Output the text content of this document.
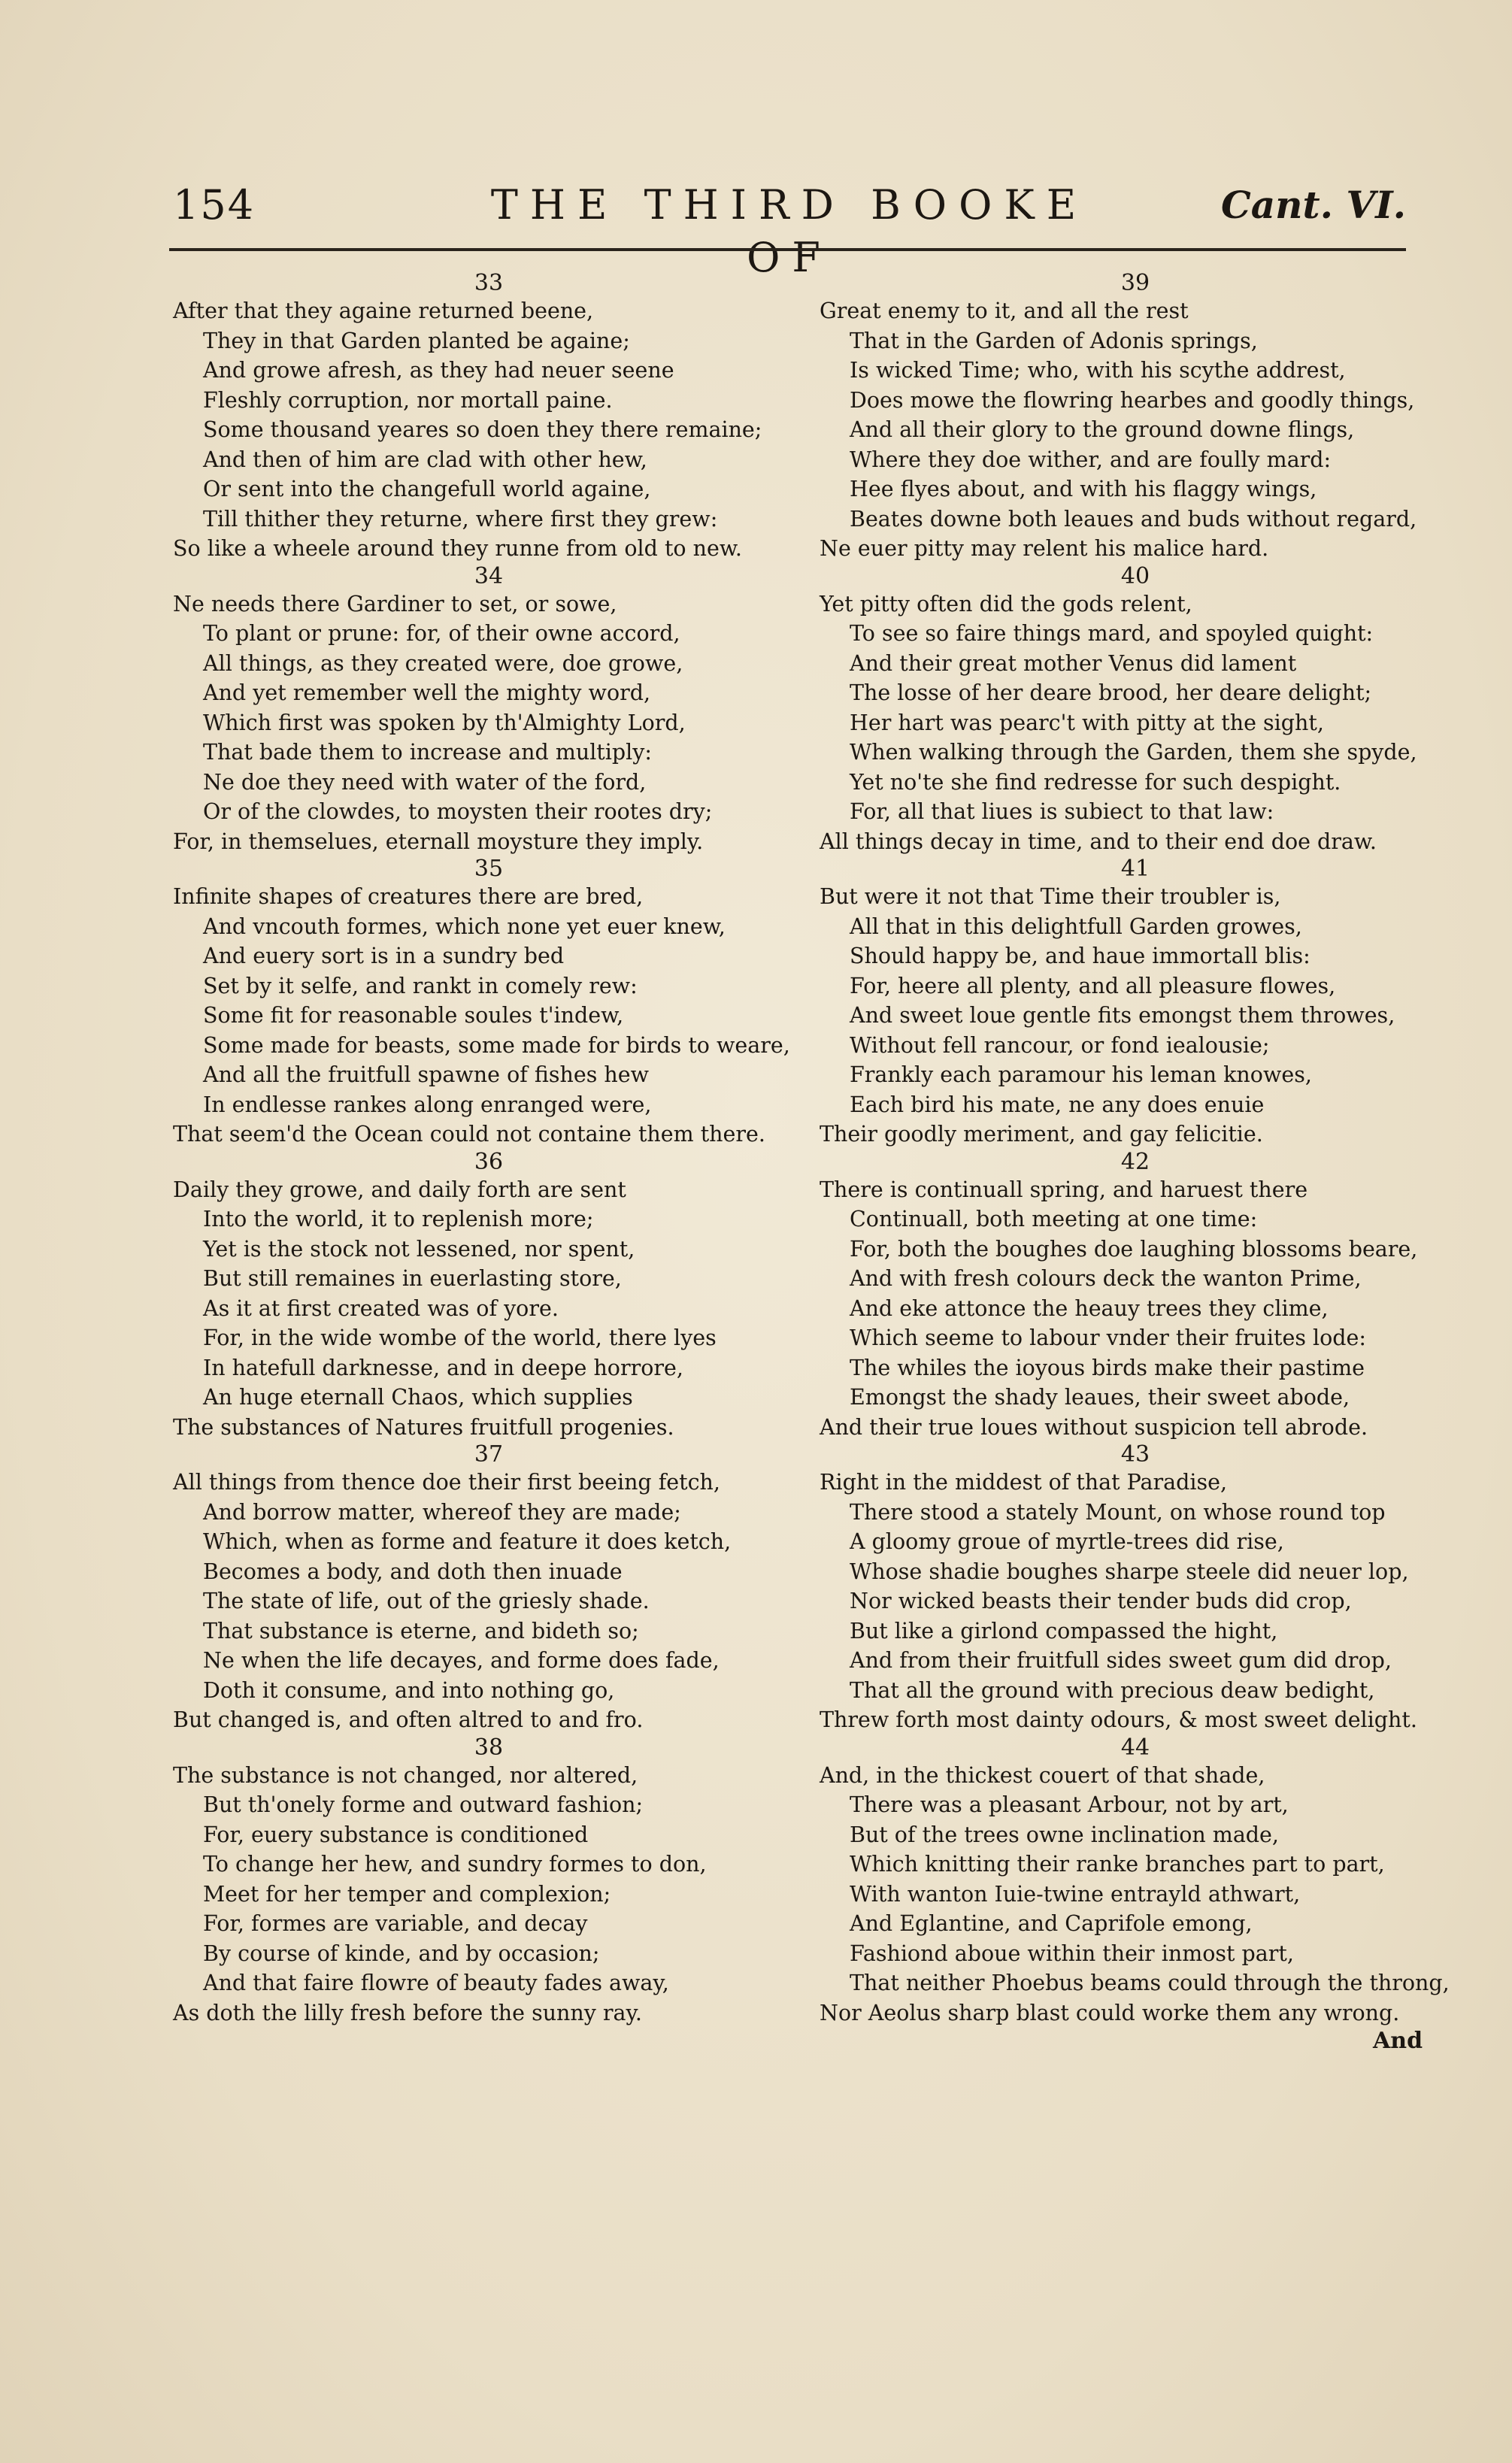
154	THE THIRD BOOKE OF
Cant. VI.
33
After that they againe returned beene,
They in that Garden planted be againe;
And growe afresh, as they had neuer seene
Fleshly corruption, nor mortall paine.
Some thousand yeares so doen they there remaine;
And then of him are clad with other hew,
Or sent into the changefull world againe,
Till thither they returne, where first they grew:
So like a wheele around they runne from old to new.
34
Ne needs there Gardiner to set, or sowe,
To plant or prune: for, of their owne accord,
All things, as they created were, doe growe,
And yet remember well the mighty word,
Which first was spoken by th'Almighty Lord,
That bade them to increase and multiply:
Ne doe they need with water of the ford,
Or of the clowdes, to moysten their rootes dry;
For, in themselues, eternall moysture they imply.
35
Infinite shapes of creatures there are bred,
And vncouth formes, which none yet euer knew,
And euery sort is in a sundry bed
Set by it selfe, and rankt in comely rew:
Some fit for reasonable soules t'indew,
Some made for beasts, some made for birds to weare,
And all the fruitfull spawne of fishes hew
In endlesse rankes along enranged were,
That seem'd the Ocean could not containe them there.
36
Daily they growe, and daily forth are sent
Into the world, it to replenish more;
Yet is the stock not lessened, nor spent,
But still remaines in euerlasting store,
As it at first created was of yore.
For, in the wide wombe of the world, there lyes
In hatefull darknesse, and in deepe horrore,
An huge eternall Chaos, which supplies
The substances of Natures fruitfull progenies.
37
All things from thence doe their first beeing fetch,
And borrow matter, whereof they are made;
Which, when as forme and feature it does ketch,
Becomes a body, and doth then inuade
The state of life, out of the griesly shade.
That substance is eterne, and bideth so;
Ne when the life decayes, and forme does fade,
Doth it consume, and into nothing go,
But changed is, and often altred to and fro.
38
The substance is not changed, nor altered,
But th'onely forme and outward fashion;
For, euery substance is conditioned
To change her hew, and sundry formes to don,
Meet for her temper and complexion;
For, formes are variable, and decay
By course of kinde, and by occasion;
And that faire flowre of beauty fades away,
As doth the lilly fresh before the sunny ray.
39
Great enemy to it, and all the rest
That in the Garden of Adonis springs,
Is wicked Time; who, with his scythe addrest,
Does mowe the flowring hearbes and goodly things,
And all their glory to the ground downe flings,
Where they doe wither, and are foully mard:
Hee flyes about, and with his flaggy wings,
Beates downe both leaues and buds without regard,
Ne euer pitty may relent his malice hard.
40
Yet pitty often did the gods relent,
To see so faire things mard, and spoyled quight:
And their great mother Venus did lament
The losse of her deare brood, her deare delight;
Her hart was pearc't with pitty at the sight,
When walking through the Garden, them she spyde,
Yet no'te she find redresse for such despight.
For, all that liues is subiect to that law:
All things decay in time, and to their end doe draw.
41
But were it not that Time their troubler is,
All that in this delightfull Garden growes,
Should happy be, and haue immortall blis:
For, heere all plenty, and all pleasure flowes,
And sweet loue gentle fits emongst them throwes,
Without fell rancour, or fond iealousie;
Frankly each paramour his leman knowes,
Each bird his mate, ne any does enuie
Their goodly meriment, and gay felicitie.
42
There is continuall spring, and haruest there
Continuall, both meeting at one time:
For, both the boughes doe laughing blossoms beare,
And with fresh colours deck the wanton Prime,
And eke attonce the heauy trees they clime,
Which seeme to labour vnder their fruites lode:
The whiles the ioyous birds make their pastime
Emongst the shady leaues, their sweet abode,
And their true loues without suspicion tell abrode.
43
Right in the middest of that Paradise,
There stood a stately Mount, on whose round top
A gloomy groue of myrtle-trees did rise,
Whose shadie boughes sharpe steele did neuer lop,
Nor wicked beasts their tender buds did crop,
But like a girlond compassed the hight,
And from their fruitfull sides sweet gum did drop,
That all the ground with precious deaw bedight,
Threw forth most dainty odours, & most sweet delight.
44
And, in the thickest couert of that shade,
There was a pleasant Arbour, not by art,
But of the trees owne inclination made,
Which knitting their ranke branches part to part,
With wanton Iuie-twine entrayld athwart,
And Eglantine, and Caprifole emong,
Fashiond aboue within their inmost part,
That neither Phoebus beams could through the throng,
Nor Aeolus sharp blast could worke them any wrong.
And
